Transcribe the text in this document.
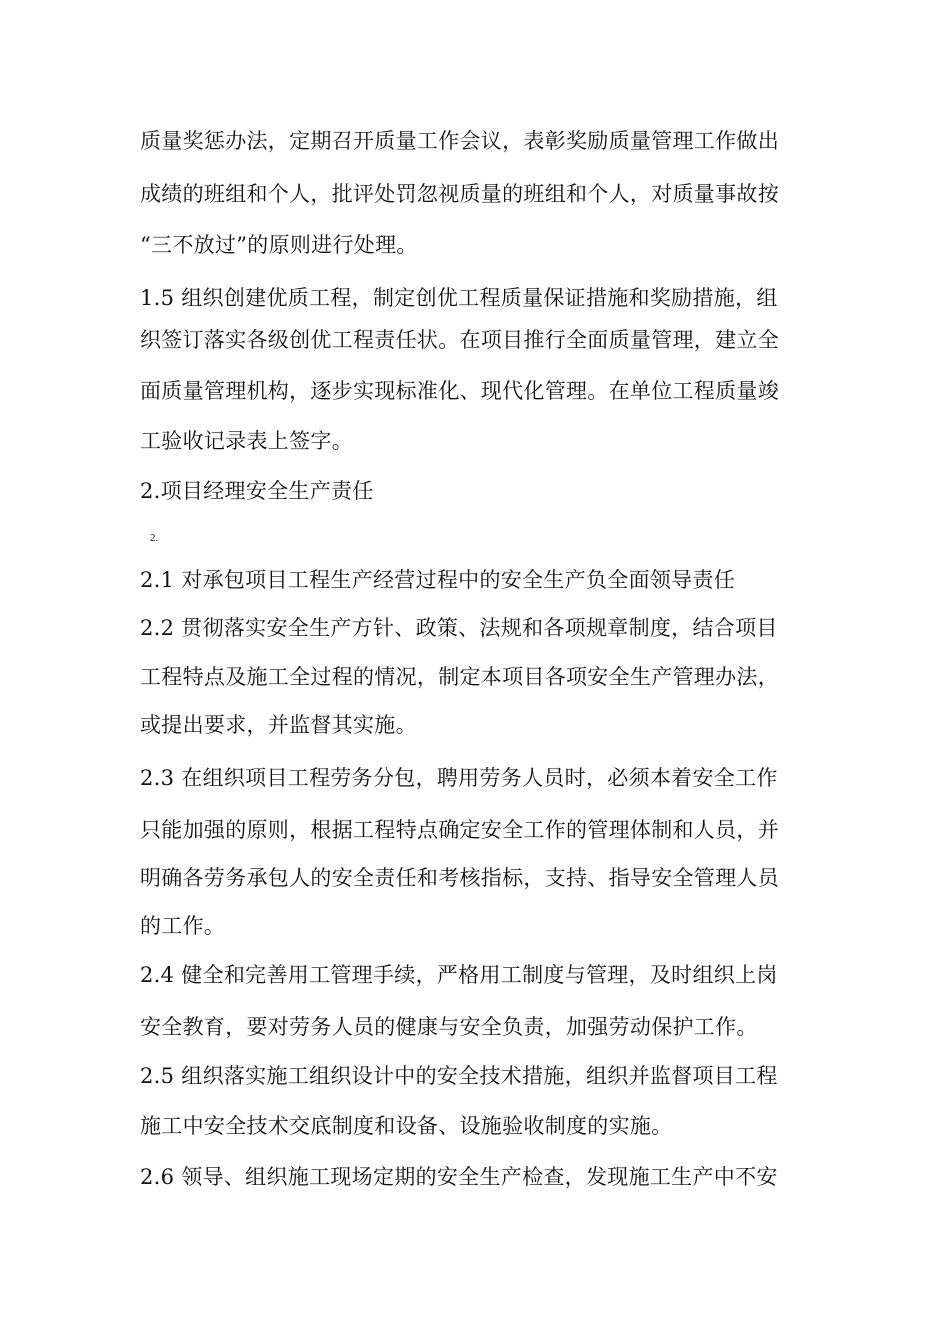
质量奖惩办法，定期召开质量工作会议，表彰奖励质量管理工作做出
成绩的班组和个人，批评处罚忽视质量的班组和个人，对质量事故按
“三不放过”的原则进行处理。
1.5 组织创建优质工程，制定创优工程质量保证措施和奖励措施，组
织签订落实各级创优工程责任状。在项目推行全面质量管理，建立全
面质量管理机构，逐步实现标准化、现代化管理。在单位工程质量竣
工验收记录表上签字。
2.项目经理安全生产责任
2.
2.1 对承包项目工程生产经营过程中的安全生产负全面领导责任
2.2 贯彻落实安全生产方针、政策、法规和各项规章制度，结合项目
工程特点及施工全过程的情况，制定本项目各项安全生产管理办法，
或提出要求，并监督其实施。
2.3 在组织项目工程劳务分包，聘用劳务人员时，必须本着安全工作
只能加强的原则，根据工程特点确定安全工作的管理体制和人员，并
明确各劳务承包人的安全责任和考核指标，支持、指导安全管理人员
的工作。
2.4 健全和完善用工管理手续，严格用工制度与管理，及时组织上岗
安全教育，要对劳务人员的健康与安全负责，加强劳动保护工作。
2.5 组织落实施工组织设计中的安全技术措施，组织并监督项目工程
施工中安全技术交底制度和设备、设施验收制度的实施。
2.6 领导、组织施工现场定期的安全生产检查，发现施工生产中不安
